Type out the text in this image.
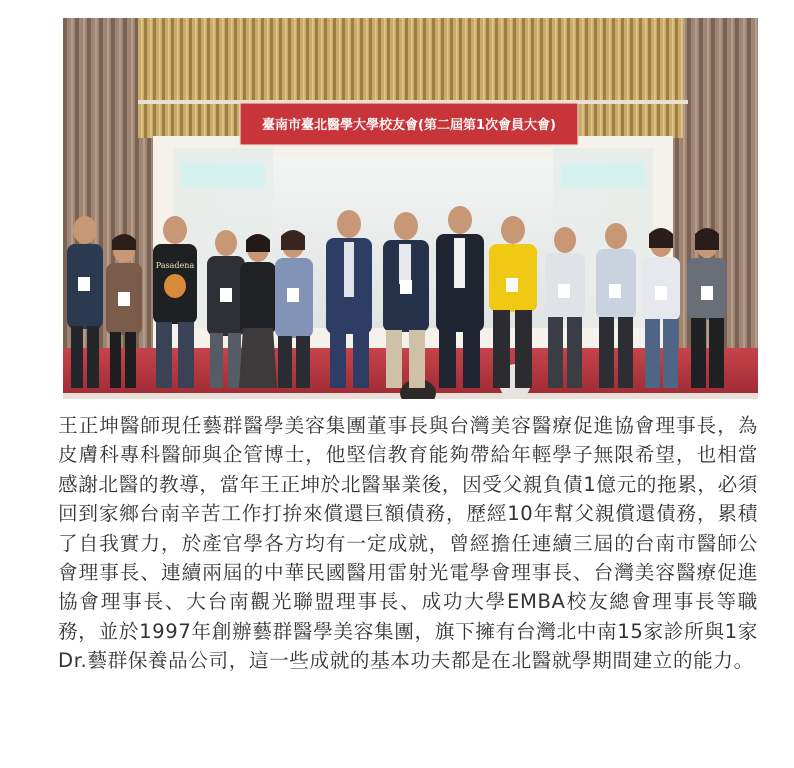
臺南市臺北醫學大學校友會(第二屆第1次會員大會)
Pasadena

王正坤醫師現任藝群醫學美容集團董事長與台灣美容醫療促進協會理事長，為皮膚科專科醫師與企管博士，他堅信教育能夠帶給年輕學子無限希望，也相當感謝北醫的教導，當年王正坤於北醫畢業後，因受父親負債1億元的拖累，必須回到家鄉台南辛苦工作打拚來償還巨額債務，歷經10年幫父親償還債務，累積了自我實力，於產官學各方均有一定成就，曾經擔任連續三屆的台南市醫師公會理事長、連續兩屆的中華民國醫用雷射光電學會理事長、台灣美容醫療促進協會理事長、大台南觀光聯盟理事長、成功大學EMBA校友總會理事長等職務，並於1997年創辦藝群醫學美容集團，旗下擁有台灣北中南15家診所與1家Dr.藝群保養品公司，這一些成就的基本功夫都是在北醫就學期間建立的能力。
